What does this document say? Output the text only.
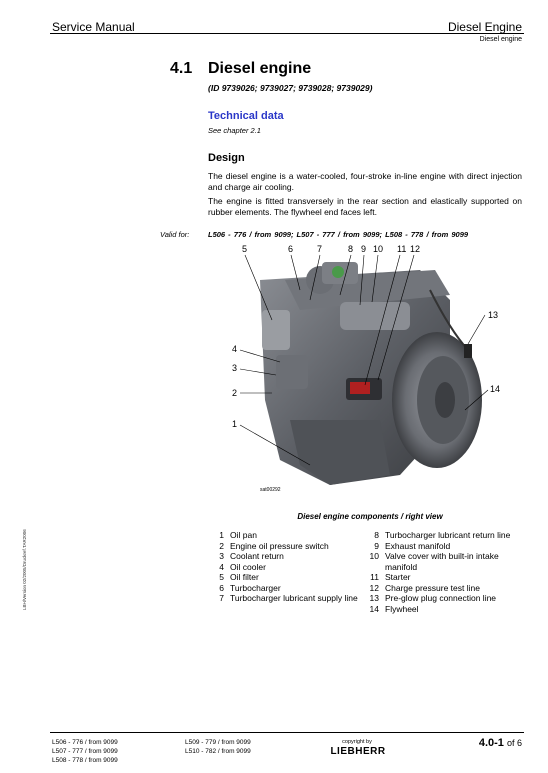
Service Manual	Diesel Engine
Diesel engine
4.1 Diesel engine
(ID 9739026; 9739027; 9739028; 9739029)
Technical data
See chapter 2.1
Design
The diesel engine is a water-cooled, four-stroke in-line engine with direct injection and charge air cooling.
The engine is fitted transversely in the rear section and elastically supported on rubber elements. The flywheel end faces left.
Valid for: L506 - 776 / from 9099; L507 - 777 / from 9099; L508 - 778 / from 9099
5	6	7	8 9 10 11 12
13
4
3
2
1
14
sat00292
Diesel engine components / right view
1 Oil pan
2 Engine oil pressure switch
3 Coolant return
4 Oil cooler
5 Oil filter
6 Turbocharger
7 Turbocharger lubricant supply line
8 Turbocharger lubricant return line
9 Exhaust manifold
10 Valve cover with built-in intake manifold
11 Starter
12 Charge pressure test line
13 Pre-glow plug connection line
14 Flywheel
LBH/Version 02/2005/Druckref.TAR2006
L506 - 776 / from 9099
L507 - 777 / from 9099
L508 - 778 / from 9099
L509 - 779 / from 9099
L510 - 782 / from 9099
copyright by
LIEBHERR
4.0-1 of 6
